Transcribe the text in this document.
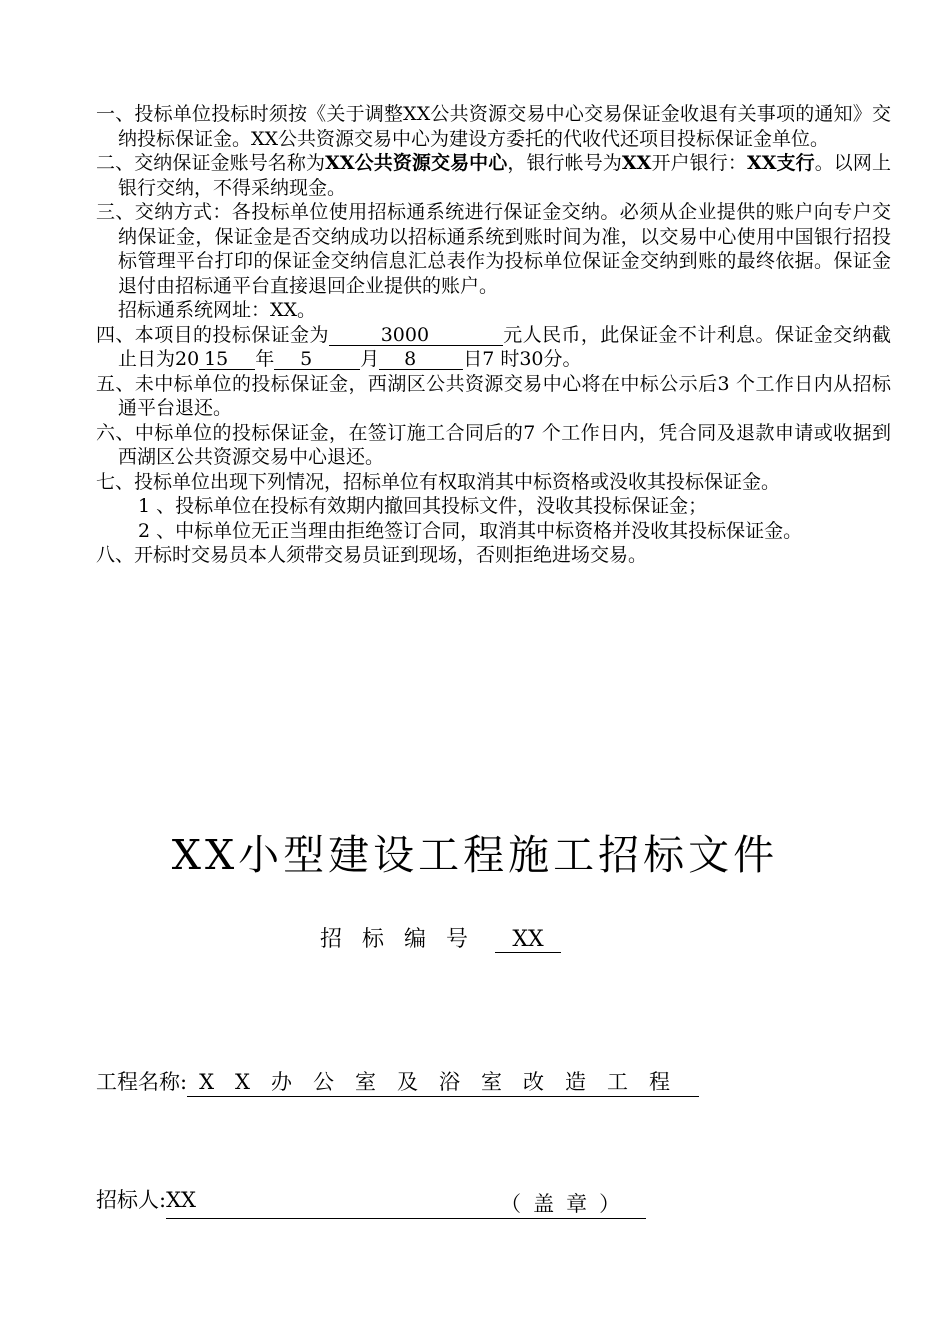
一、投标单位投标时须按《关于调整XX公共资源交易中心交易保证金收退有关事项的通知》交纳投标保证金。XX公共资源交易中心为建设方委托的代收代还项目投标保证金单位。
二、交纳保证金账号名称为XX公共资源交易中心，银行帐号为XX开户银行：XX支行。以网上银行交纳，不得采纳现金。
三、交纳方式：各投标单位使用招标通系统进行保证金交纳。必须从企业提供的账户向专户交纳保证金，保证金是否交纳成功以招标通系统到账时间为准，以交易中心使用中国银行招投标管理平台打印的保证金交纳信息汇总表作为投标单位保证金交纳到账的最终依据。保证金退付由招标通平台直接退回企业提供的账户。
招标通系统网址：XX。
四、本项目的投标保证金为	3000	元人民币，此保证金不计利息。保证金交纳截止日为20 15 年 5	月 8 日7 时30分。
五、未中标单位的投标保证金，西湖区公共资源交易中心将在中标公示后3 个工作日内从招标通平台退还。
六、中标单位的投标保证金，在签订施工合同后的7 个工作日内，凭合同及退款申请或收据到西湖区公共资源交易中心退还。
七、投标单位出现下列情况，招标单位有权取消其中标资格或没收其投标保证金。
1 、投标单位在投标有效期内撤回其投标文件，没收其投标保证金；
2 、中标单位无正当理由拒绝签订合同，取消其中标资格并没收其投标保证金。
八、开标时交易员本人须带交易员证到现场，否则拒绝进场交易。
XX小型建设工程施工招标文件
招标编号 XX
工程名称: XX办公室及浴室改造工程
招标人:XX	（盖章）
